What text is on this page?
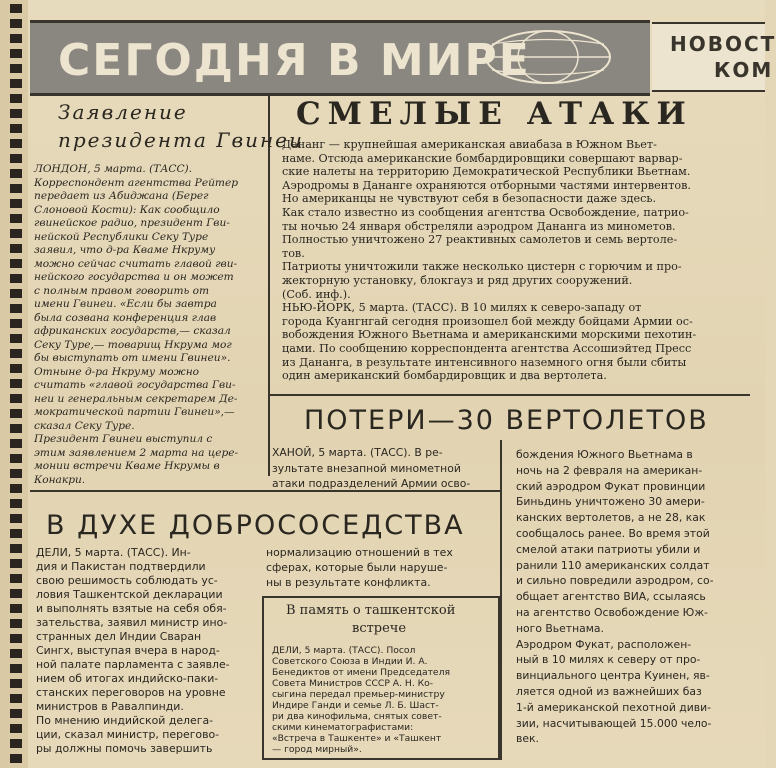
СЕГОДНЯ В МИРЕ	НОВОСТ
КОМ
Заявление
президента Гвинеи
ЛОНДОН, 5 марта. (ТАСС).
Корреспондент агентства Рейтер
передает из Абиджана (Берег
Слоновой Кости): Как сообщило
гвинейское радио, президент Гви-
нейской Республики Секу Туре
заявил, что д-ра Кваме Нкруму
можно сейчас считать главой гви-
нейского государства и он может
с полным правом говорить от
имени Гвинеи. «Если бы завтра
была созвана конференция глав
африканских государств,— сказал
Секу Туре,— товарищ Нкрума мог
бы выступать от имени Гвинеи».
Отныне д-ра Нкруму можно
считать «главой государства Гви-
неи и генеральным секретарем Де-
мократической партии Гвинеи»,—
сказал Секу Туре.
Президент Гвинеи выступил с
этим заявлением 2 марта на цере-
монии встречи Кваме Нкрумы в
Конакри.
СМЕЛЫЕ АТАКИ
Дананг — крупнейшая американская авиабаза в Южном Вьет-
наме. Отсюда американские бомбардировщики совершают варвар-
ские налеты на территорию Демократической Республики Вьетнам.
Аэродромы в Дананге охраняются отборными частями интервентов.
Но американцы не чувствуют себя в безопасности даже здесь.
Как стало известно из сообщения агентства Освобождение, патрио-
ты ночью 24 января обстреляли аэродром Дананга из минометов.
Полностью уничтожено 27 реактивных самолетов и семь вертоле-
тов.
Патриоты уничтожили также несколько цистерн с горючим и про-
жекторную установку, блокгауз и ряд других сооружений.
(Соб. инф.).
НЬЮ-ЙОРК, 5 марта. (ТАСС). В 10 милях к северо-западу от
города Куангнгай сегодня произошел бой между бойцами Армии ос-
вобождения Южного Вьетнама и американскими морскими пехотин-
цами. По сообщению корреспондента агентства Ассошиэйтед Пресс
из Дананга, в результате интенсивного наземного огня были сбиты
один американский бомбардировщик и два вертолета.
ПОТЕРИ—30 ВЕРТОЛЕТОВ
ХАНОЙ, 5 марта. (ТАСС). В ре-
зультате внезапной минометной
атаки подразделений Армии осво-
бождения Южного Вьетнама в
ночь на 2 февраля на американ-
ский аэродром Фукат провинции
Биньдинь уничтожено 30 амери-
канских вертолетов, а не 28, как
сообщалось ранее. Во время этой
смелой атаки патриоты убили и
ранили 110 американских солдат
и сильно повредили аэродром, со-
общает агентство ВИА, ссылаясь
на агентство Освобождение Юж-
ного Вьетнама.
Аэродром Фукат, расположен-
ный в 10 милях к северу от про-
винциального центра Куинен, яв-
ляется одной из важнейших баз
1-й американской пехотной диви-
зии, насчитывающей 15.000 чело-
век.
В ДУХЕ ДОБРОСОСЕДСТВА
ДЕЛИ, 5 марта. (ТАСС). Ин-
дия и Пакистан подтвердили
свою решимость соблюдать ус-
ловия Ташкентской декларации
и выполнять взятые на себя обя-
зательства, заявил министр ино-
странных дел Индии Сваран
Сингх, выступая вчера в народ-
ной палате парламента с заявле-
нием об итогах индийско-паки-
станских переговоров на уровне
министров в Равалпинди.
По мнению индийской делега-
ции, сказал министр, перегово-
ры должны помочь завершить
нормализацию отношений в тех
сферах, которые были наруше-
ны в результате конфликта.
В память о ташкентской
встрече
ДЕЛИ, 5 марта. (ТАСС). Посол
Советского Союза в Индии И. А.
Бенедиктов от имени Председателя
Совета Министров СССР А. Н. Ко-
сыгина передал премьер-министру
Индире Ганди и семье Л. Б. Шаст-
ри два кинофильма, снятых совет-
скими кинематографистами:
«Встреча в Ташкенте» и «Ташкент
— город мирный».
